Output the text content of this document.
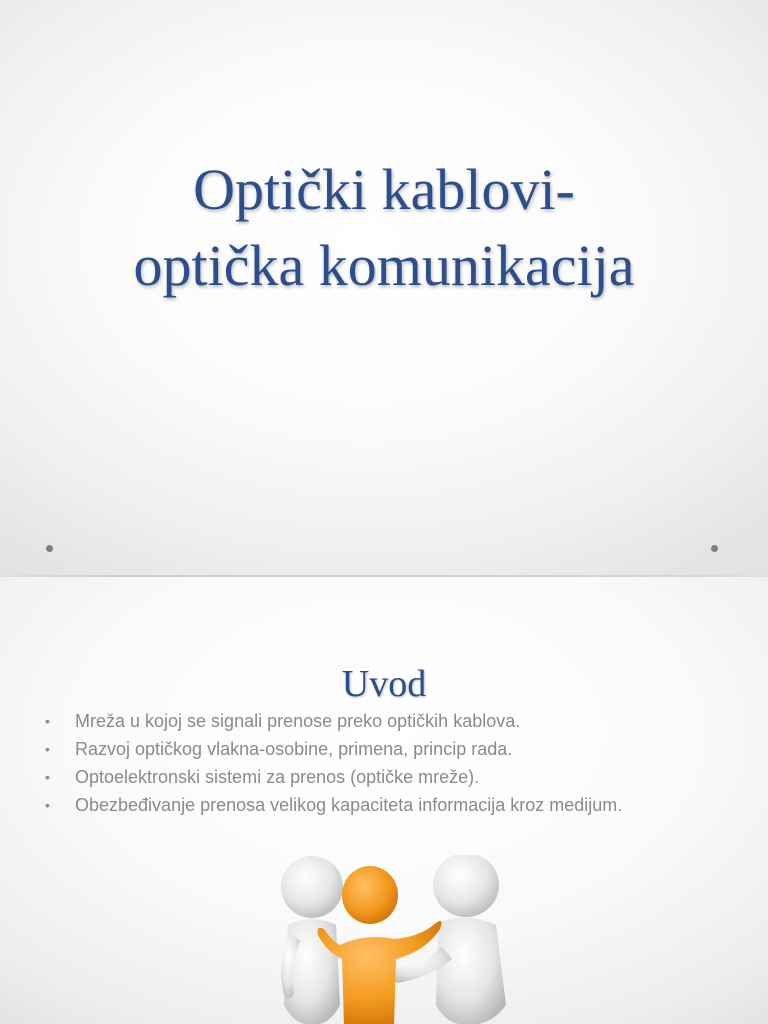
Optički kablovi-
optička komunikacija
Uvod
• Mreža u kojoj se signali prenose preko optičkih kablova.
• Razvoj optičkog vlakna-osobine, primena, princip rada.
• Optoelektronski sistemi za prenos (optičke mreže).
• Obezbeđivanje prenosa velikog kapaciteta informacija kroz medijum.
